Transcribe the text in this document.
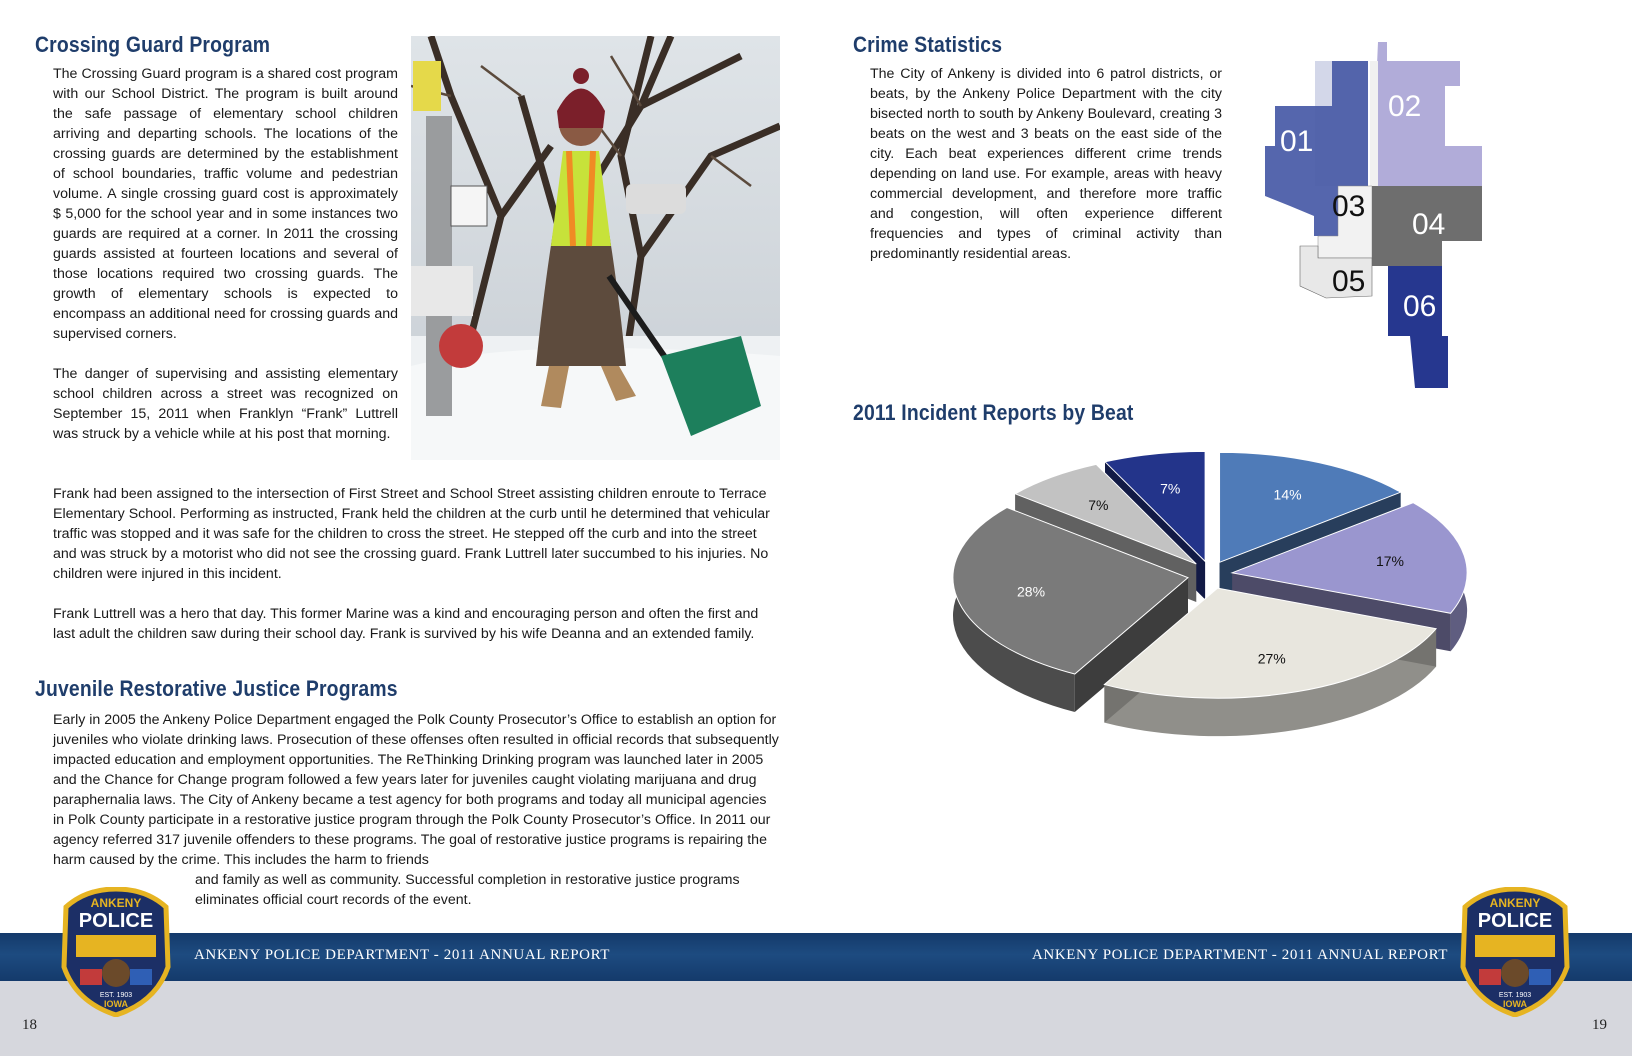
Crossing Guard Program

The Crossing Guard program is a shared cost program with our School District. The program is built around the safe passage of elementary school children arriving and departing schools. The locations of the crossing guards are determined by the establishment of school boundaries, traffic volume and pedestrian volume. A single crossing guard cost is approximately $ 5,000 for the school year and in some instances two guards are required at a corner. In 2011 the crossing guards assisted at fourteen locations and several of those locations required two crossing guards. The growth of elementary schools is expected to encompass an additional need for crossing guards and supervised corners.

The danger of supervising and assisting elementary school children across a street was recognized on September 15, 2011 when Franklyn “Frank” Luttrell was struck by a vehicle while at his post that morning.

Frank had been assigned to the intersection of First Street and School Street assisting children enroute to Terrace Elementary School. Performing as instructed, Frank held the children at the curb until he determined that vehicular traffic was stopped and it was safe for the children to cross the street. He stepped off the curb and into the street and was struck by a motorist who did not see the crossing guard. Frank Luttrell later succumbed to his injuries. No children were injured in this incident.

Frank Luttrell was a hero that day. This former Marine was a kind and encouraging person and often the first and last adult the children saw during their school day. Frank is survived by his wife Deanna and an extended family.

Juvenile Restorative Justice Programs

Early in 2005 the Ankeny Police Department engaged the Polk County Prosecutor’s Office to establish an option for juveniles who violate drinking laws. Prosecution of these offenses often resulted in official records that subsequently impacted education and employment opportunities. The ReThinking Drinking program was launched later in 2005 and the Chance for Change program followed a few years later for juveniles caught violating marijuana and drug paraphernalia laws. The City of Ankeny became a test agency for both programs and today all municipal agencies in Polk County participate in a restorative justice program through the Polk County Prosecutor’s Office. In 2011 our agency referred 317 juvenile offenders to these programs. The goal of restorative justice programs is repairing the harm caused by the crime. This includes the harm to friends

and family as well as community. Successful completion in restorative justice programs eliminates official court records of the event.

Crime Statistics

The City of Ankeny is divided into 6 patrol districts, or beats, by the Ankeny Police Department with the city bisected north to south by Ankeny Boulevard, creating 3 beats on the west and 3 beats on the east side of the city. Each beat experiences different crime trends depending on land use. For example, areas with heavy commercial development, and therefore more traffic and congestion, will often experience different frequencies and types of criminal activity than predominantly residential areas.

2011 Incident Reports by Beat
01
02
03
04
05
06
7%	14%
7%
17%
28%
27%
ANKENY POLICE DEPARTMENT - 2011 ANNUAL REPORT	ANKENY POLICE DEPARTMENT - 2011 ANNUAL REPORT
18	19
ANKENY
POLICE
EST. 1903
IOWA
ANKENY
POLICE
EST. 1903
IOWA
